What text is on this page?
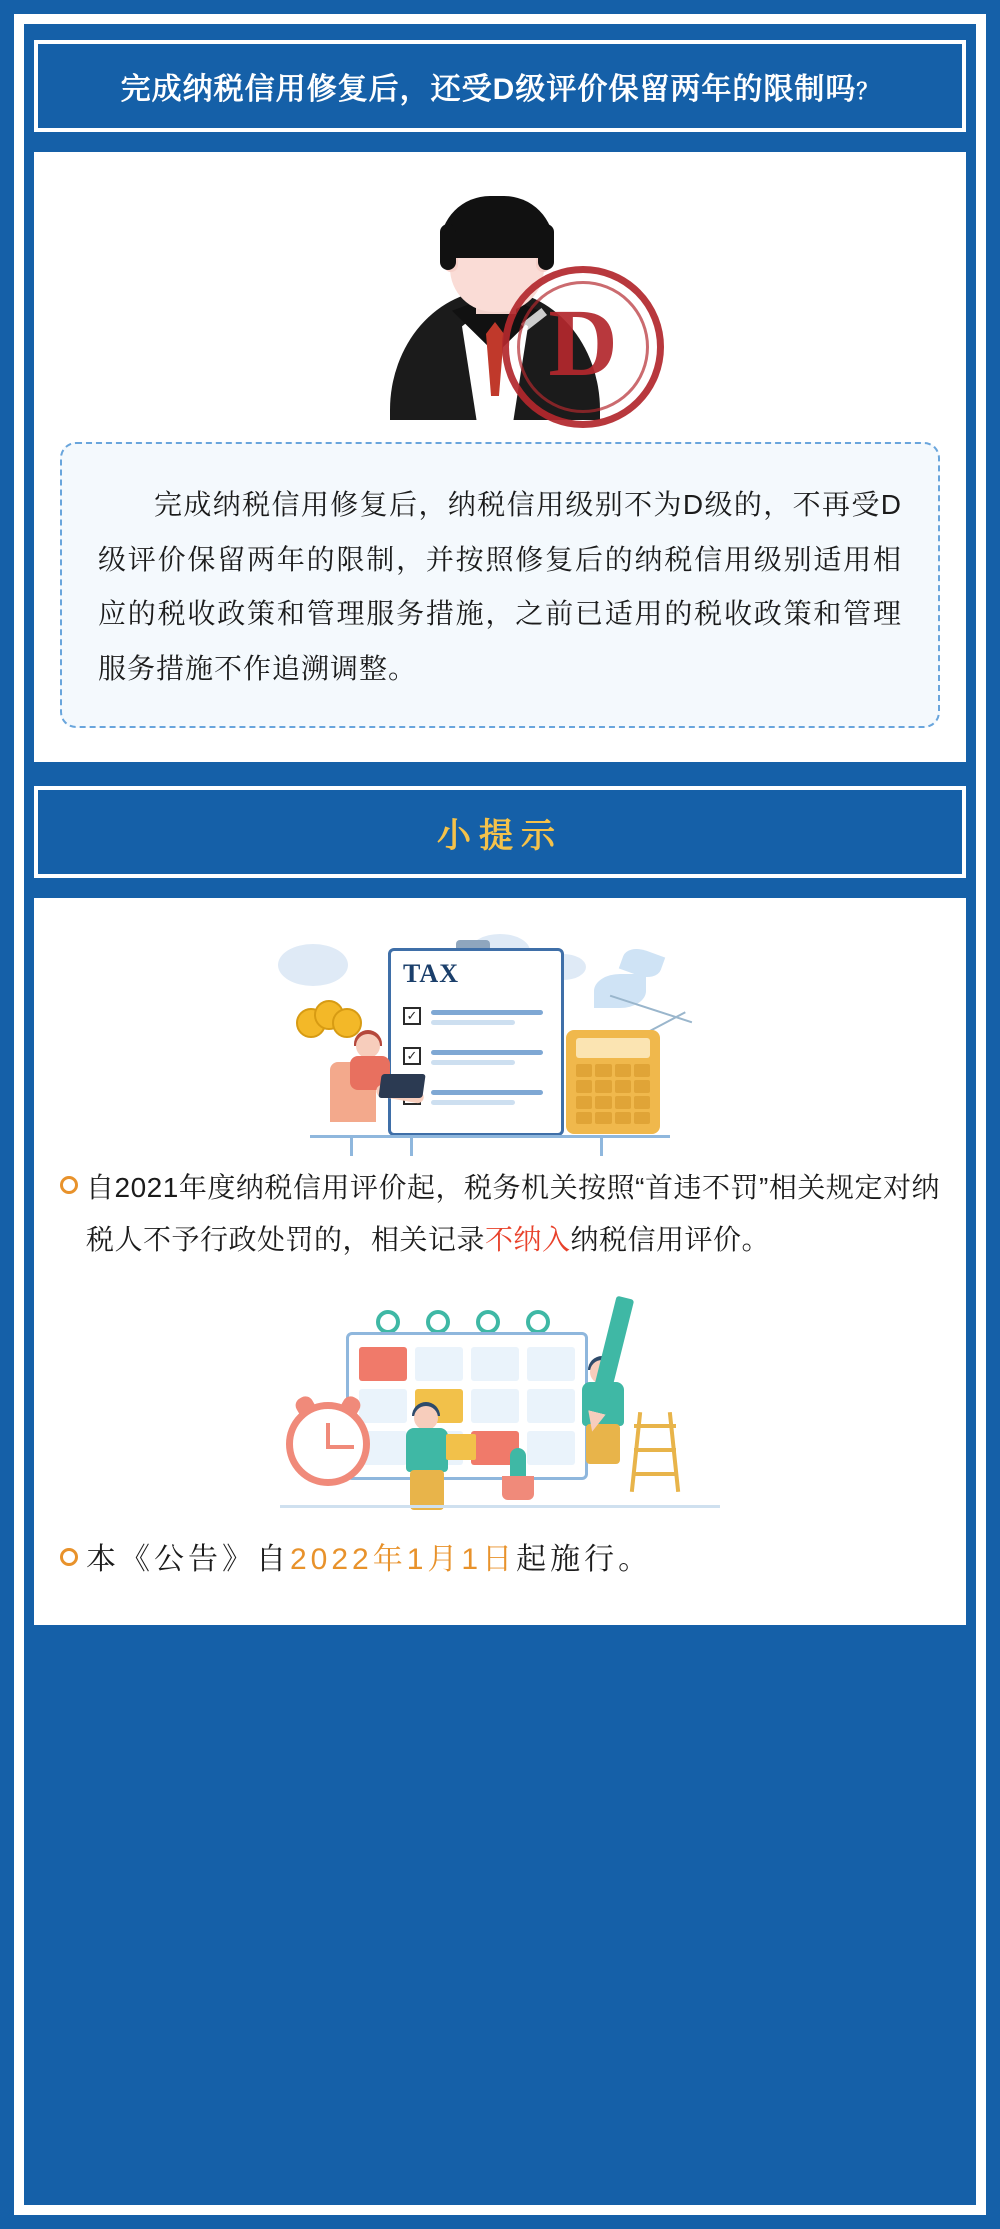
完成纳税信用修复后，还受D级评价保留两年的限制吗？
D

完成纳税信用修复后，纳税信用级别不为D级的，不再受D级评价保留两年的限制，并按照修复后的纳税信用级别适用相应的税收政策和管理服务措施，之前已适用的税收政策和管理服务措施不作追溯调整。

小提示
TAX
✓
✓
自2021年度纳税信用评价起，税务机关按照“首违不罚”相关规定对纳税人不予行政处罚的，相关记录不纳入纳税信用评价。
本《公告》自2022年1月1日起施行。
